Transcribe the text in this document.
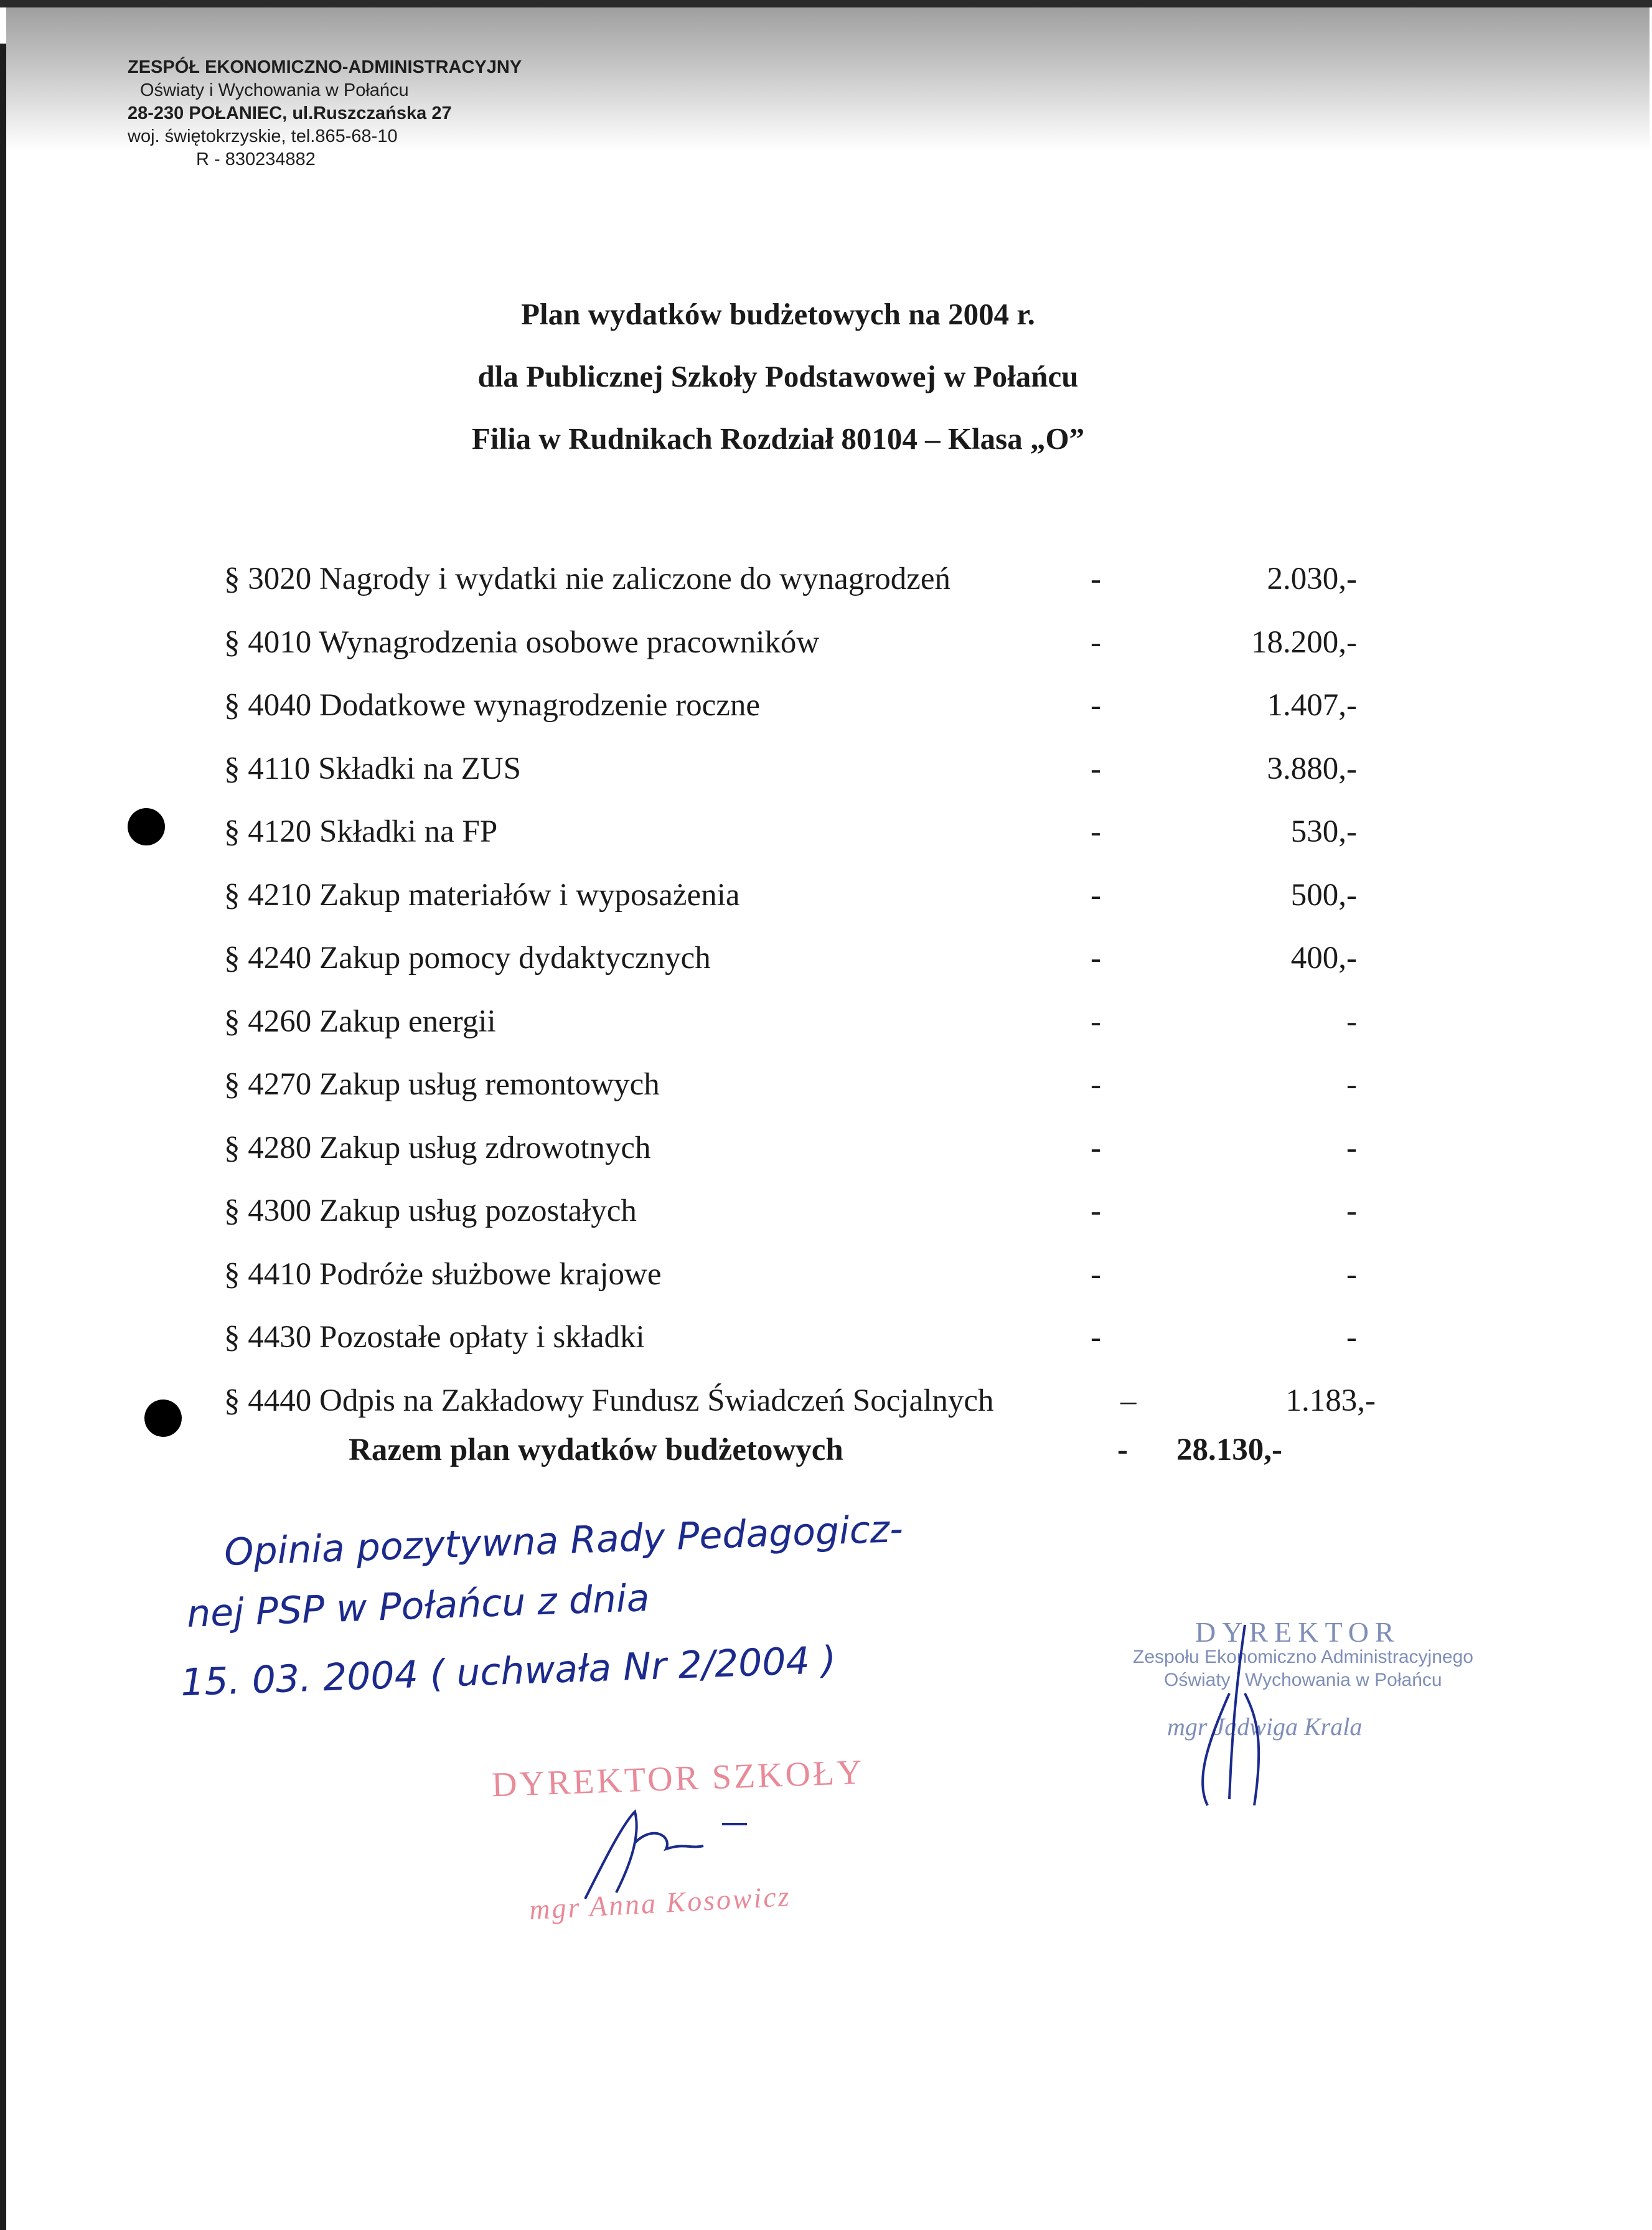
ZESPÓŁ EKONOMICZNO-ADMINISTRACYJNY
Oświaty i Wychowania w Połańcu
28-230 POŁANIEC, ul.Ruszczańska 27
woj. świętokrzyskie, tel.865-68-10
R - 830234882
Plan wydatków budżetowych na 2004 r.
dla Publicznej Szkoły Podstawowej w Połańcu
Filia w Rudnikach Rozdział 80104 – Klasa „O”
§ 3020 Nagrody i wydatki nie zaliczone do wynagrodzeń	-	2.030,-
§ 4010 Wynagrodzenia osobowe pracowników	-	18.200,-
§ 4040 Dodatkowe wynagrodzenie roczne	-	1.407,-
§ 4110 Składki na ZUS	-	3.880,-
§ 4120 Składki na FP	-	530,-
§ 4210 Zakup materiałów i wyposażenia	-	500,-
§ 4240 Zakup pomocy dydaktycznych	-	400,-
§ 4260 Zakup energii	-	-
§ 4270 Zakup usług remontowych	-	-
§ 4280 Zakup usług zdrowotnych	-	-
§ 4300 Zakup usług pozostałych	-	-
§ 4410 Podróże służbowe krajowe	-	-
§ 4430 Pozostałe opłaty i składki	-	-
§ 4440 Odpis na Zakładowy Fundusz Świadczeń Socjalnych	–	1.183,-
Razem plan wydatków budżetowych	- 28.130,-
Opinia pozytywna Rady Pedagogicz-
nej PSP w Połańcu z dnia
15. 03. 2004 ( uchwała Nr 2/2004 )
DYREKTOR SZKOŁY
mgr Anna Kosowicz
DYREKTOR
Zespołu Ekonomiczno Administracyjnego
Oświaty i Wychowania w Połańcu
mgr Jadwiga Krala
